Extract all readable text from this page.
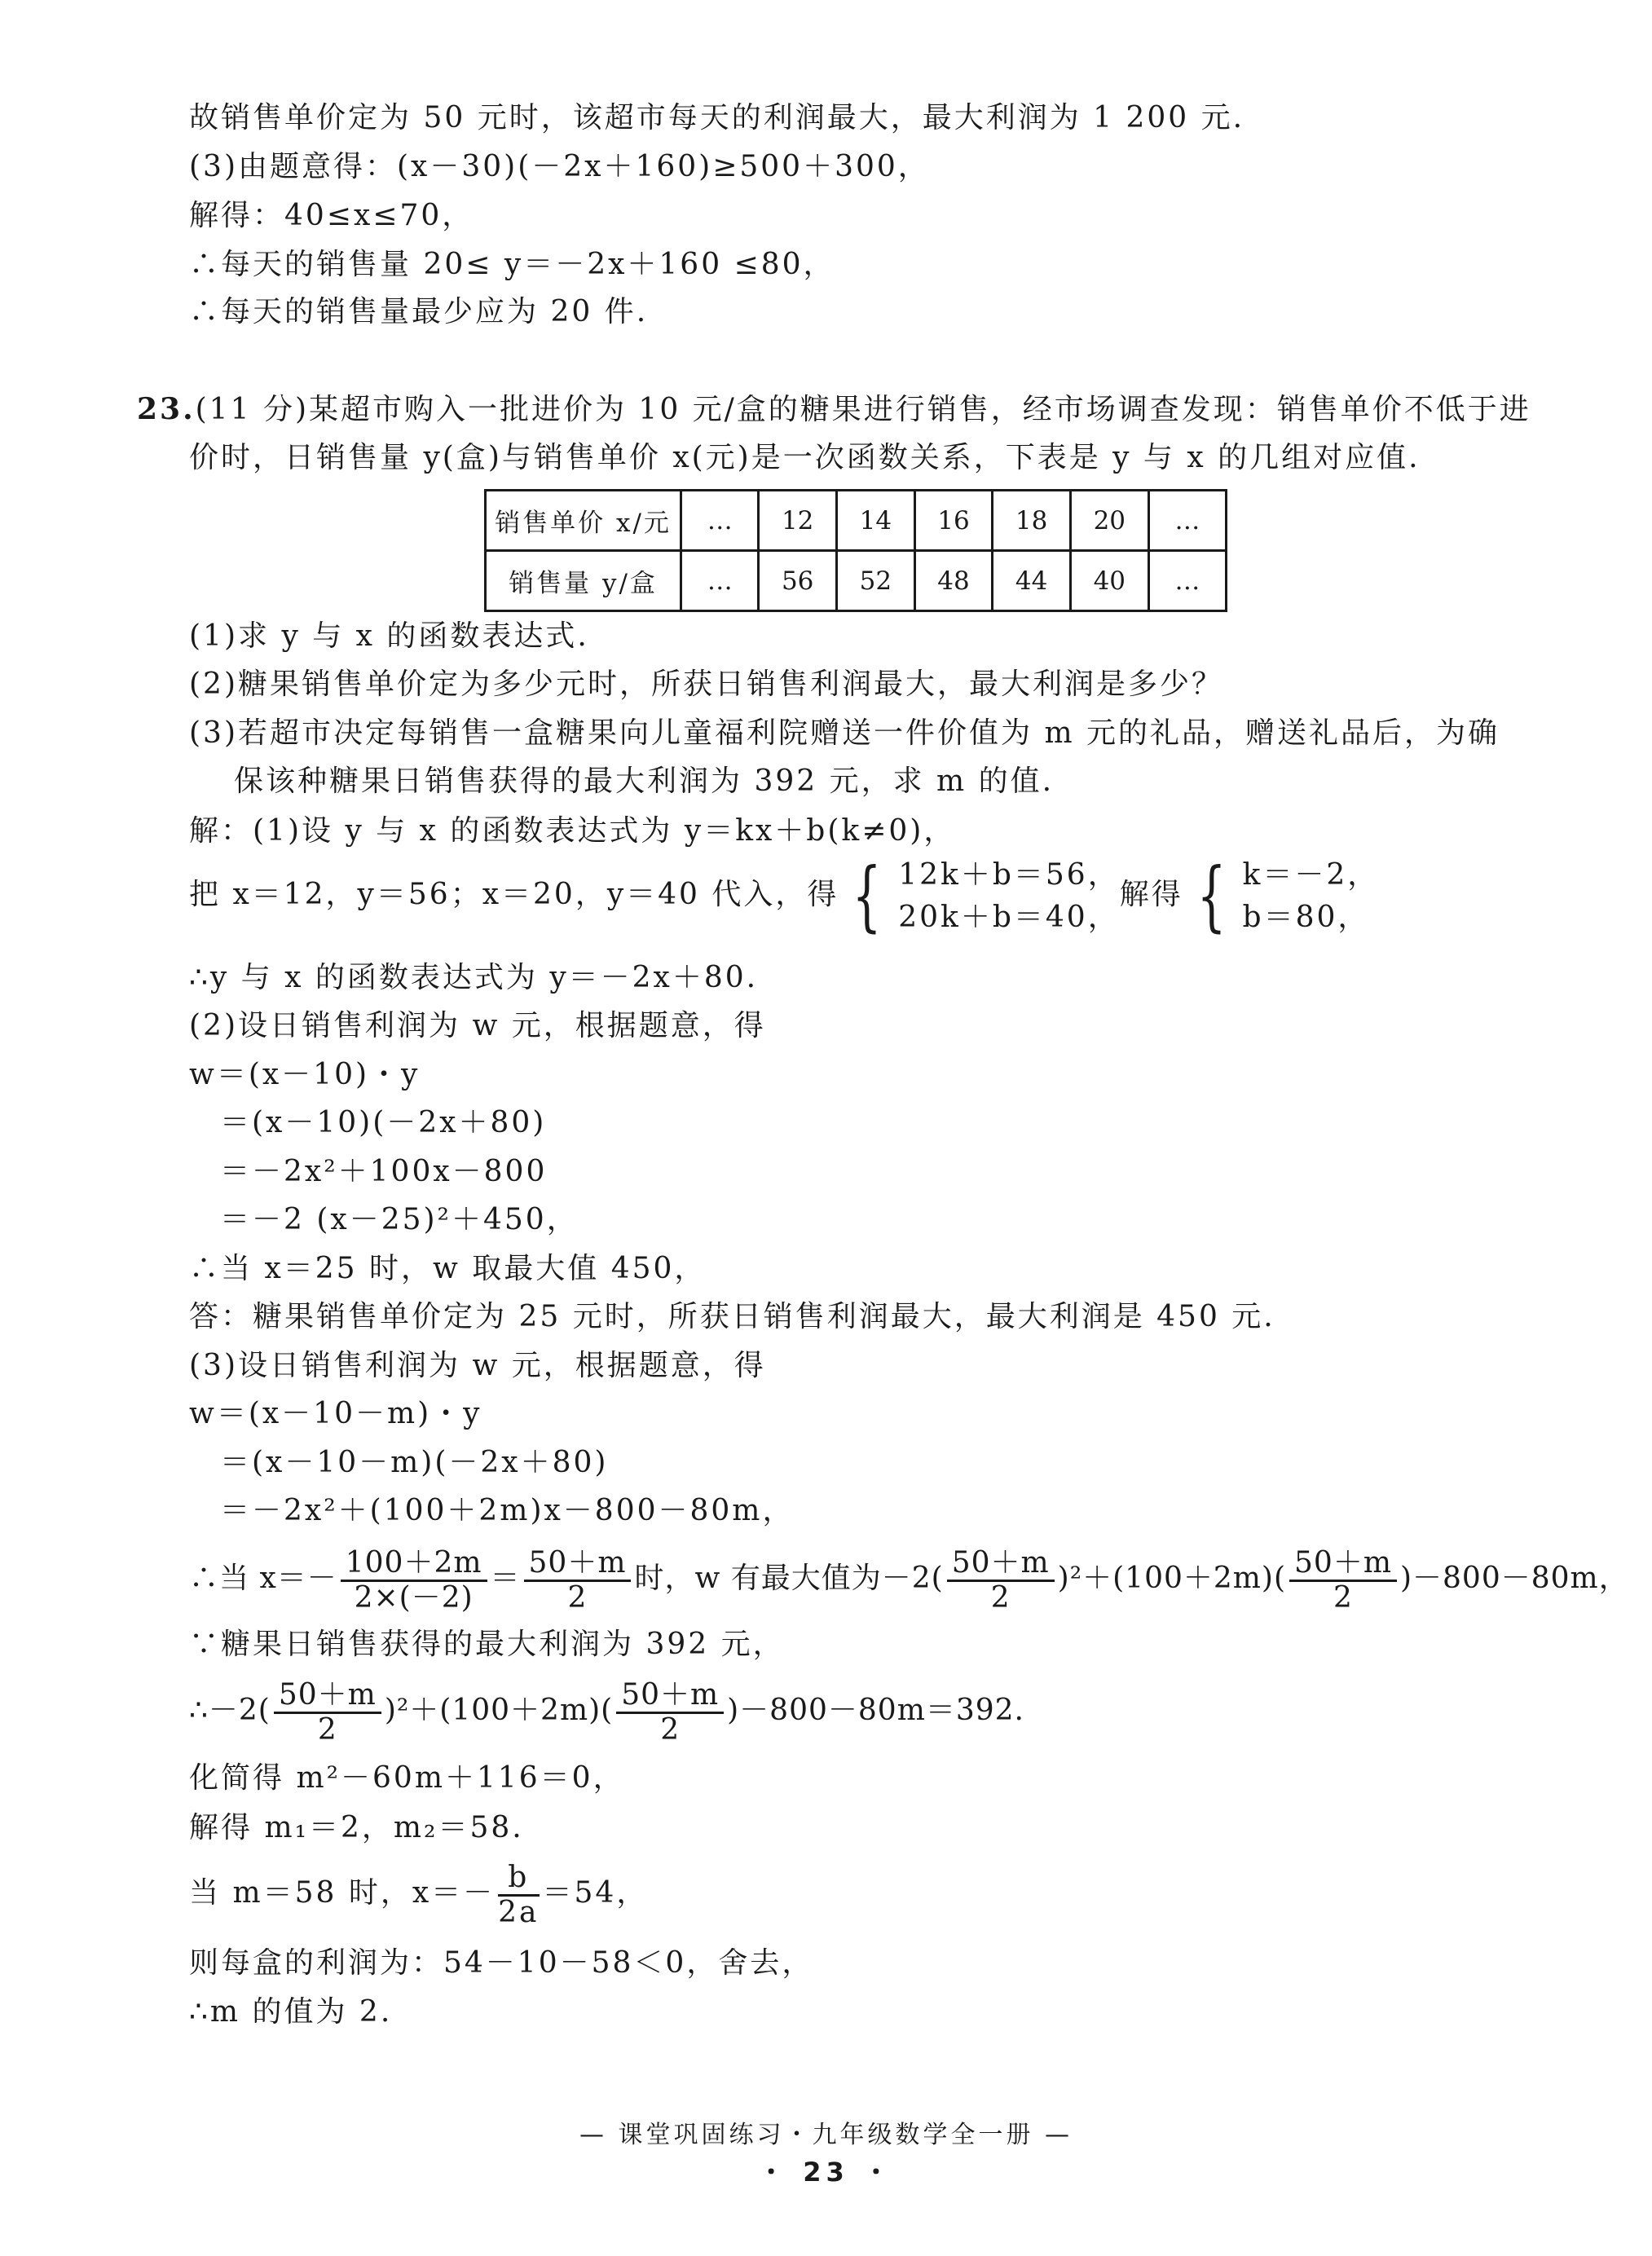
故销售单价定为 50 元时，该超市每天的利润最大，最大利润为 1 200 元.
(3)由题意得：(x－30)(－2x＋160)≥500＋300，
解得：40≤x≤70，
∴每天的销售量 20≤ y＝－2x＋160 ≤80，
∴每天的销售量最少应为 20 件.
23.(11 分)某超市购入一批进价为 10 元/盒的糖果进行销售，经市场调查发现：销售单价不低于进
价时，日销售量 y(盒)与销售单价 x(元)是一次函数关系，下表是 y 与 x 的几组对应值.
销售单价 x/元	…	12	14	16	18	20	…
销售量 y/盒	…	56	52	48	44	40	…
(1)求 y 与 x 的函数表达式.
(2)糖果销售单价定为多少元时，所获日销售利润最大，最大利润是多少？
(3)若超市决定每销售一盒糖果向儿童福利院赠送一件价值为 m 元的礼品，赠送礼品后，为确
保该种糖果日销售获得的最大利润为 392 元，求 m 的值.
解：(1)设 y 与 x 的函数表达式为 y＝kx＋b(k≠0)，
把 x＝12，y＝56；x＝20，y＝40 代入，得 { 12k＋b＝56，
20k＋b＝40，
解得 { k＝－2，
b＝80，
∴y 与 x 的函数表达式为 y＝－2x＋80.
(2)设日销售利润为 w 元，根据题意，得
w＝(x－10)・y
＝(x－10)(－2x＋80)
＝－2x²＋100x－800
＝－2 (x－25)²＋450，
∴当 x＝25 时，w 取最大值 450，
答：糖果销售单价定为 25 元时，所获日销售利润最大，最大利润是 450 元.
(3)设日销售利润为 w 元，根据题意，得
w＝(x－10－m)・y
＝(x－10－m)(－2x＋80)
＝－2x²＋(100＋2m)x－800－80m，
∴当 $x=- \frac{100+2m}{2\times(-2)} = \frac{50+m}{2}$ 时，w 有最大值为$-2( \frac{50+m}{2} )^2+(100+2m)( \frac{50+m}{2} )-800-80m$，
∵糖果日销售获得的最大利润为 392 元，
∴－2( $\frac{50+m}{2} )^2+(100+2m)( \frac{50+m}{2} )-800-80m=392$.
化简得 m²－60m＋116＝0，
解得 m₁＝2，m₂＝58.
当 m＝58 时，$x=- \frac{b}{2a} =54$，
则每盒的利润为：54－10－58＜0，舍去，
∴m 的值为 2.
— 课堂巩固练习・九年级数学全一册 —
・ 23 ・
